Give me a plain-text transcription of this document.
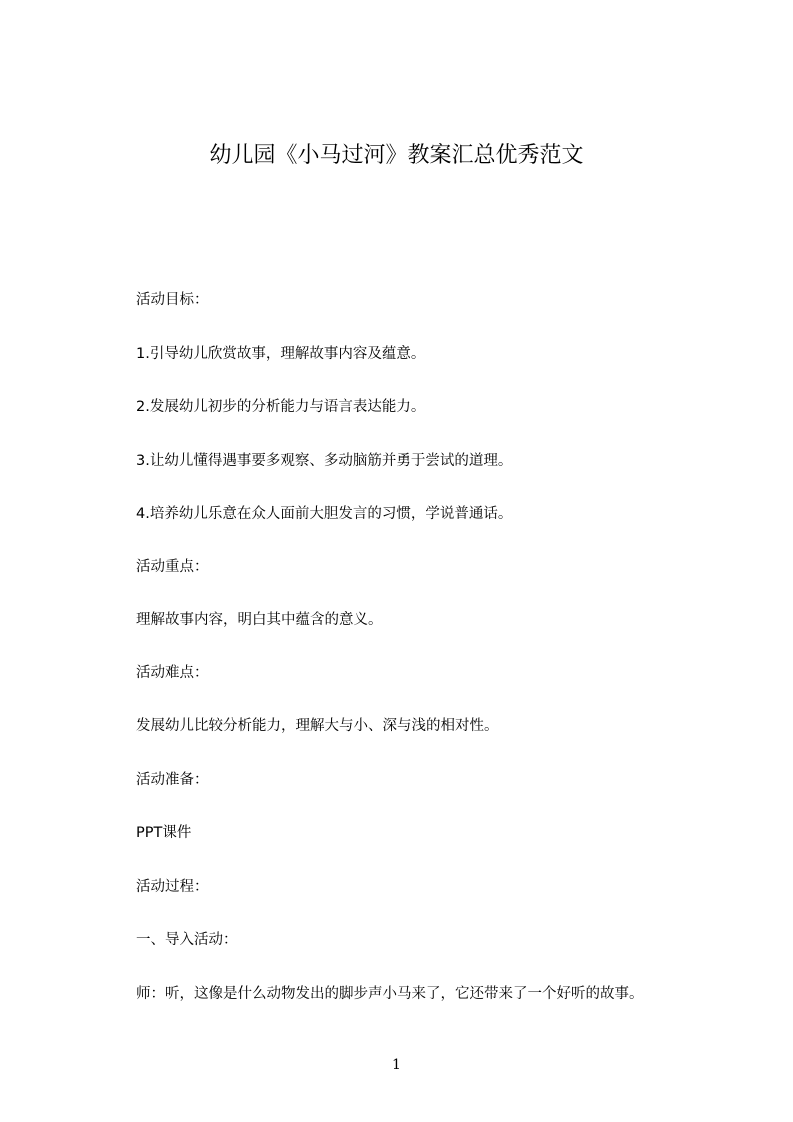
幼儿园《小马过河》教案汇总优秀范文
活动目标：
1.引导幼儿欣赏故事，理解故事内容及蕴意。
2.发展幼儿初步的分析能力与语言表达能力。
3.让幼儿懂得遇事要多观察、多动脑筋并勇于尝试的道理。
4.培养幼儿乐意在众人面前大胆发言的习惯，学说普通话。
活动重点：
理解故事内容，明白其中蕴含的意义。
活动难点：
发展幼儿比较分析能力，理解大与小、深与浅的相对性。
活动准备：
PPT课件
活动过程：
一、导入活动：
师：听，这像是什么动物发出的脚步声小马来了，它还带来了一个好听的故事。
1
